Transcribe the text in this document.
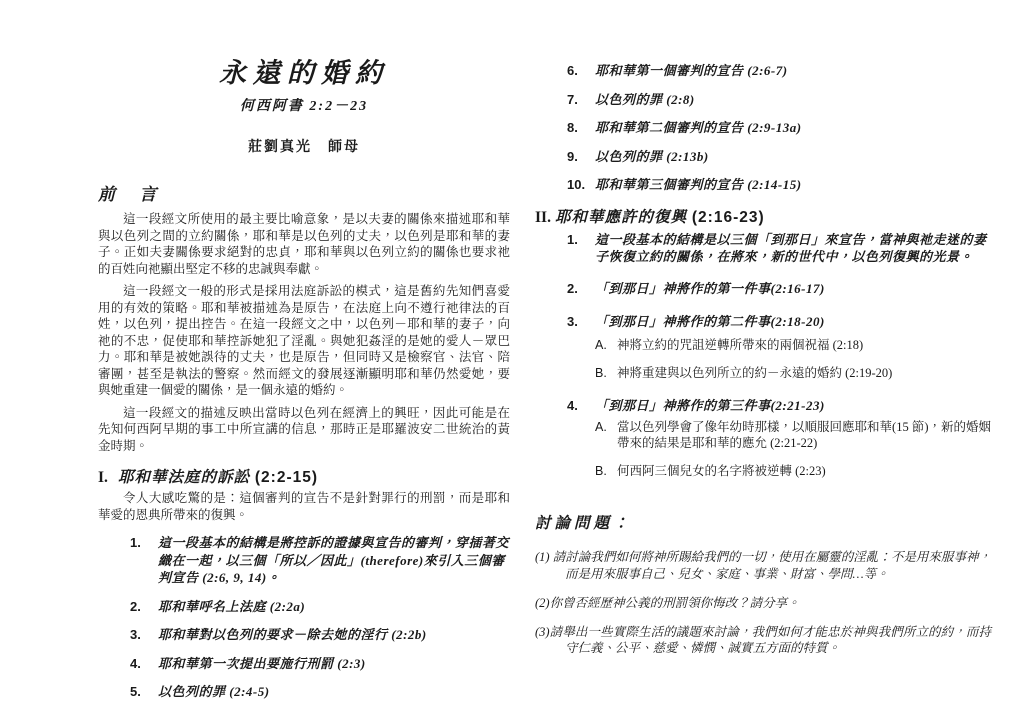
永遠的婚約
何西阿書 2:2－23
莊劉真光　師母
前 言

這一段經文所使用的最主要比喻意象，是以夫妻的關係來描述耶和華與以色列之間的立約關係，耶和華是以色列的丈夫，以色列是耶和華的妻子。正如夫妻關係要求絕對的忠貞，耶和華與以色列立約的關係也要求祂的百姓向祂顯出堅定不移的忠誠與奉獻。

這一段經文一般的形式是採用法庭訴訟的模式，這是舊約先知們喜愛用的有效的策略。耶和華被描述為是原告，在法庭上向不遵行祂律法的百姓，以色列，提出控告。在這一段經文之中，以色列－耶和華的妻子，向祂的不忠，促使耶和華控訴她犯了淫亂。與她犯姦淫的是她的愛人－眾巴力。耶和華是被她誤待的丈夫，也是原告，但同時又是檢察官、法官、陪審團，甚至是執法的警察。然而經文的發展逐漸顯明耶和華仍然愛她，要與她重建一個愛的關係，是一個永遠的婚約。

這一段經文的描述反映出當時以色列在經濟上的興旺，因此可能是在先知何西阿早期的事工中所宣講的信息，那時正是耶羅波安二世統治的黃金時期。

I. 耶和華法庭的訴訟 (2:2-15)

令人大感吃驚的是：這個審判的宣告不是針對罪行的刑罰，而是耶和華愛的恩典所帶來的復興。

1.	這一段基本的結構是將控訴的證據與宣告的審判，穿插著交織在一起，以三個「所以／因此」(therefore)來引入三個審判宣告 (2:6, 9, 14)。
2.	耶和華呼名上法庭 (2:2a)
3.	耶和華對以色列的要求－除去她的淫行 (2:2b)
4.	耶和華第一次提出要施行刑罰 (2:3)
5.	以色列的罪 (2:4-5)
6.	耶和華第一個審判的宣告 (2:6-7)
7.	以色列的罪 (2:8)
8.	耶和華第二個審判的宣告 (2:9-13a)
9.	以色列的罪 (2:13b)
10. 耶和華第三個審判的宣告 (2:14-15)
II. 耶和華應許的復興 (2:16-23)
1.	這一段基本的結構是以三個「到那日」來宣告，當神與祂走迷的妻子恢復立約的關係，在將來，新的世代中，以色列復興的光景。
2.	「到那日」神將作的第一件事(2:16-17)
3.	「到那日」神將作的第二件事(2:18-20)
A. 神將立約的咒詛逆轉所帶來的兩個祝福 (2:18)
B. 神將重建與以色列所立的約－永遠的婚約 (2:19-20)
4.	「到那日」神將作的第三件事(2:21-23)
A. 當以色列學會了像年幼時那樣，以順服回應耶和華(15 節)，新的婚姻帶來的結果是耶和華的應允 (2:21-22)
B. 何西阿三個兒女的名字將被逆轉 (2:23)
討論問題：

(1) 請討論我們如何將神所賜給我們的一切，使用在屬靈的淫亂：不是用來服事神，而是用來服事自己、兒女、家庭、事業、財富、學問…等。

(2)你曾否經歷神公義的刑罰領你悔改？請分享。

(3)請舉出一些實際生活的議題來討論，我們如何才能忠於神與我們所立的約，而持守仁義、公平、慈愛、憐憫、誠實五方面的特質。
